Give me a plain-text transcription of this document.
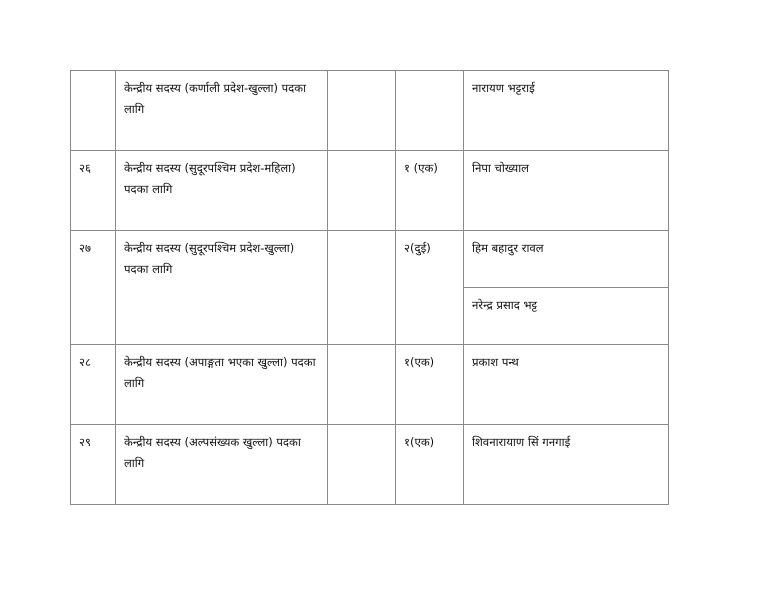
	केन्द्रीय सदस्य (कर्णाली प्रदेश-खुल्ला) पदका लागि			नारायण भट्टराई
२६	केन्द्रीय सदस्य (सुदूरपश्चिम प्रदेश-महिला) पदका लागि		१ (एक)	निपा चोख्याल
२७	केन्द्रीय सदस्य (सुदूरपश्चिम प्रदेश-खुल्ला) पदका लागि		२(दुई)	हिम बहादुर रावल
				नरेन्द्र प्रसाद भट्ट
२८	केन्द्रीय सदस्य (अपाङ्गता भएका खुल्ला) पदका लागि		१(एक)	प्रकाश पन्थ
२९	केन्द्रीय सदस्य (अल्पसंख्यक खुल्ला) पदका लागि		१(एक)	शिवनारायाण सिं गनगाई
